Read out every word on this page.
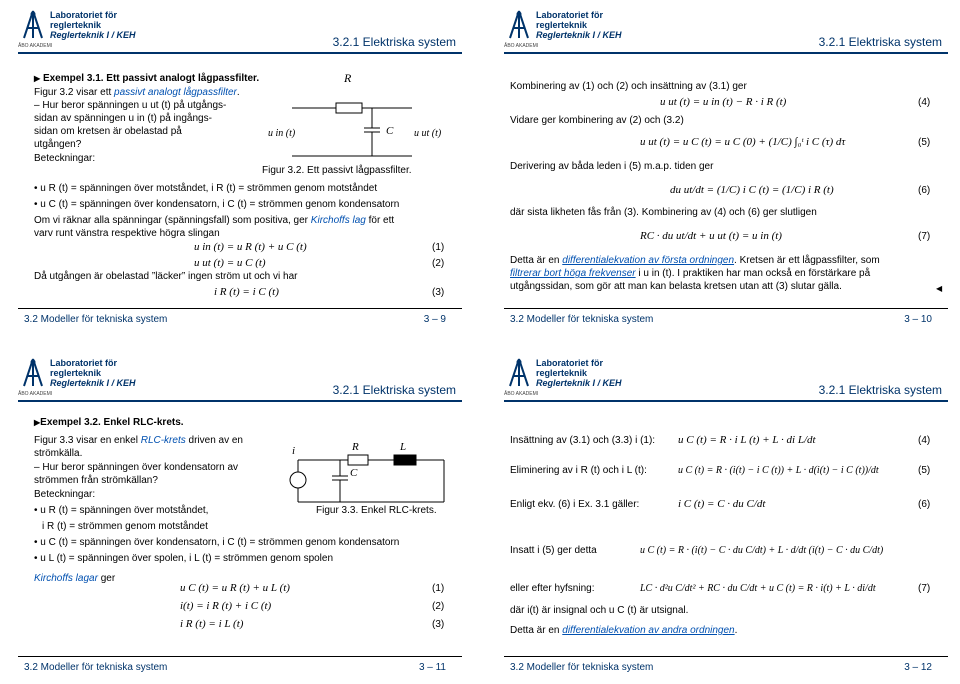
Laboratoriet för
reglerteknik
Reglerteknik I / KEH
ÅBO AKADEMI	3.2.1 Elektriska system
▶ Exempel 3.1. Ett passivt analogt lågpassfilter.
Figur 3.2 visar ett passivt analogt lågpassfilter.
– Hur beror spänningen u ut (t) på utgångs-
sidan av spänningen u in (t) på ingångs-
sidan om kretsen är obelastad på
utgången?
Beteckningar:
R
C
u in (t)	u ut (t)
Figur 3.2. Ett passivt lågpassfilter.
• u R (t) = spänningen över motståndet, i R (t) = strömmen genom motståndet
• u C (t) = spänningen över kondensatorn, i C (t) = strömmen genom kondensatorn
Om vi räknar alla spänningar (spänningsfall) som positiva, ger Kirchoffs lag för ett
varv runt vänstra respektive högra slingan
u in (t) = u R (t) + u C (t)	(1)
u ut (t) = u C (t)	(2)
Då utgången är obelastad ”läcker” ingen ström ut och vi har
i R (t) = i C (t)	(3)
3.2 Modeller för tekniska system	3 – 9
Laboratoriet för
reglerteknik
Reglerteknik I / KEH
ÅBO AKADEMI	3.2.1 Elektriska system
Kombinering av (1) och (2) och insättning av (3.1) ger
u ut (t) = u in (t) − R · i R (t)	(4)
Vidare ger kombinering av (2) och (3.2)
u ut (t) = u C (t) = u C (0) + (1/C) ∫₀ᵗ i C (τ) dτ	(5)
Derivering av båda leden i (5) m.a.p. tiden ger
du ut/dt = (1/C) i C (t) = (1/C) i R (t)	(6)
där sista likheten fås från (3). Kombinering av (4) och (6) ger slutligen
RC · du ut/dt + u ut (t) = u in (t)	(7)
Detta är en differentialekvation av första ordningen. Kretsen är ett lågpassfilter, som
filtrerar bort höga frekvenser i u in (t). I praktiken har man också en förstärkare på
utgångssidan, som gör att man kan belasta kretsen utan att (3) slutar gälla.	◀
3.2 Modeller för tekniska system	3 – 10
Laboratoriet för
reglerteknik
Reglerteknik I / KEH
ÅBO AKADEMI	3.2.1 Elektriska system
▶Exempel 3.2. Enkel RLC-krets.
Figur 3.3 visar en enkel RLC-krets driven av en
strömkälla.
– Hur beror spänningen över kondensatorn av
strömmen från strömkällan?
Beteckningar:
i	R
C
L
Figur 3.3. Enkel RLC-krets.
• u R (t) = spänningen över motståndet,
i R (t) = strömmen genom motståndet
• u C (t) = spänningen över kondensatorn, i C (t) = strömmen genom kondensatorn
• u L (t) = spänningen över spolen, i L (t) = strömmen genom spolen
Kirchoffs lagar ger
u C (t) = u R (t) + u L (t)	(1)
i(t) = i R (t) + i C (t)	(2)
i R (t) = i L (t)	(3)
3.2 Modeller för tekniska system	3 – 11
Laboratoriet för
reglerteknik
Reglerteknik I / KEH
ÅBO AKADEMI	3.2.1 Elektriska system
Insättning av (3.1) och (3.3) i (1): u C (t) = R · i L (t) + L · di L/dt	(4)
Eliminering av i R (t) och i L (t):	u C (t) = R · (i(t) − i C (t)) + L · d(i(t) − i C (t))/dt	(5)
Enligt ekv. (6) i Ex. 3.1 gäller:	i C (t) = C · du C/dt	(6)
Insatt i (5) ger detta	u C (t) = R · (i(t) − C · du C/dt) + L · d/dt (i(t) − C · du C/dt)
eller efter hyfsning:	LC · d²u C/dt² + RC · du C/dt + u C (t) = R · i(t) + L · di/dt	(7)
där i(t) är insignal och u C (t) är utsignal.
Detta är en differentialekvation av andra ordningen.
3.2 Modeller för tekniska system	3 – 12
